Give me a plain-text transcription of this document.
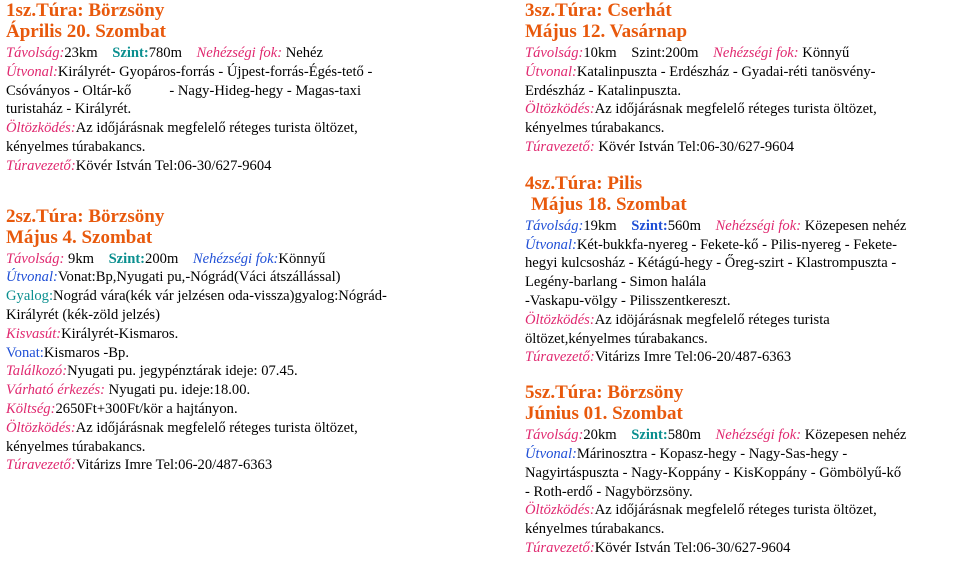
1sz.Túra: Börzsöny
Április 20. Szombat
Távolság:23km Szint:780m Nehézségi fok: Nehéz
Útvonal:Királyrét- Gyopáros-forrás - Újpest-forrás-Égés-tető -
Csóványos - Oltár-kő	- Nagy-Hideg-hegy - Magas-taxi
turistaház - Királyrét.
Öltözködés:Az időjárásnak megfelelő réteges turista öltözet,
kényelmes túrabakancs.
Túravezető:Kövér István Tel:06-30/627-9604
2sz.Túra: Börzsöny
Május 4. Szombat
Távolság: 9km Szint:200m Nehézségi fok:Könnyű
Útvonal:Vonat:Bp,Nyugati pu,-Nógrád(Váci átszállással)
Gyalog:Nográd vára(kék vár jelzésen oda-vissza)gyalog:Nógrád-
Királyrét (kék-zöld jelzés)
Kisvasút:Királyrét-Kismaros.
Vonat:Kismaros -Bp.
Találkozó:Nyugati pu. jegypénztárak ideje: 07.45.
Várható érkezés: Nyugati pu. ideje:18.00.
Költség:2650Ft+300Ft/kör a hajtányon.
Öltözködés:Az időjárásnak megfelelő réteges turista öltözet,
kényelmes túrabakancs.
Túravezető:Vitárizs Imre Tel:06-20/487-6363
3sz.Túra: Cserhát
Május 12. Vasárnap
Távolság:10km Szint:200m Nehézségi fok: Könnyű
Útvonal:Katalinpuszta - Erdészház - Gyadai-réti tanösvény-
Erdészház - Katalinpuszta.
Öltözködés:Az időjárásnak megfelelő réteges turista öltözet,
kényelmes túrabakancs.
Túravezető: Kövér István Tel:06-30/627-9604
4sz.Túra: Pilis
Május 18. Szombat
Távolság:19km Szint:560m Nehézségi fok: Közepesen nehéz
Útvonal:Két-bukkfa-nyereg - Fekete-kő - Pilis-nyereg - Fekete-
hegyi kulcsosház - Kétágú-hegy - Őreg-szirt - Klastrompuszta -
Legény-barlang - Simon halála
-Vaskapu-völgy - Pilisszentkereszt.
Öltözködés:Az idöjárásnak megfelelő réteges turista
öltözet,kényelmes túrabakancs.
Túravezető:Vitárizs Imre Tel:06-20/487-6363
5sz.Túra: Börzsöny
Június 01. Szombat
Távolság:20km Szint:580m Nehézségi fok: Közepesen nehéz
Útvonal:Márinosztra - Kopasz-hegy - Nagy-Sas-hegy -
Nagyirtáspuszta - Nagy-Koppány - KisKoppány - Gömbölyű-kő
- Roth-erdő - Nagybörzsöny.
Öltözködés:Az időjárásnak megfelelő réteges turista öltözet,
kényelmes túrabakancs.
Túravezető:Kövér István Tel:06-30/627-9604
